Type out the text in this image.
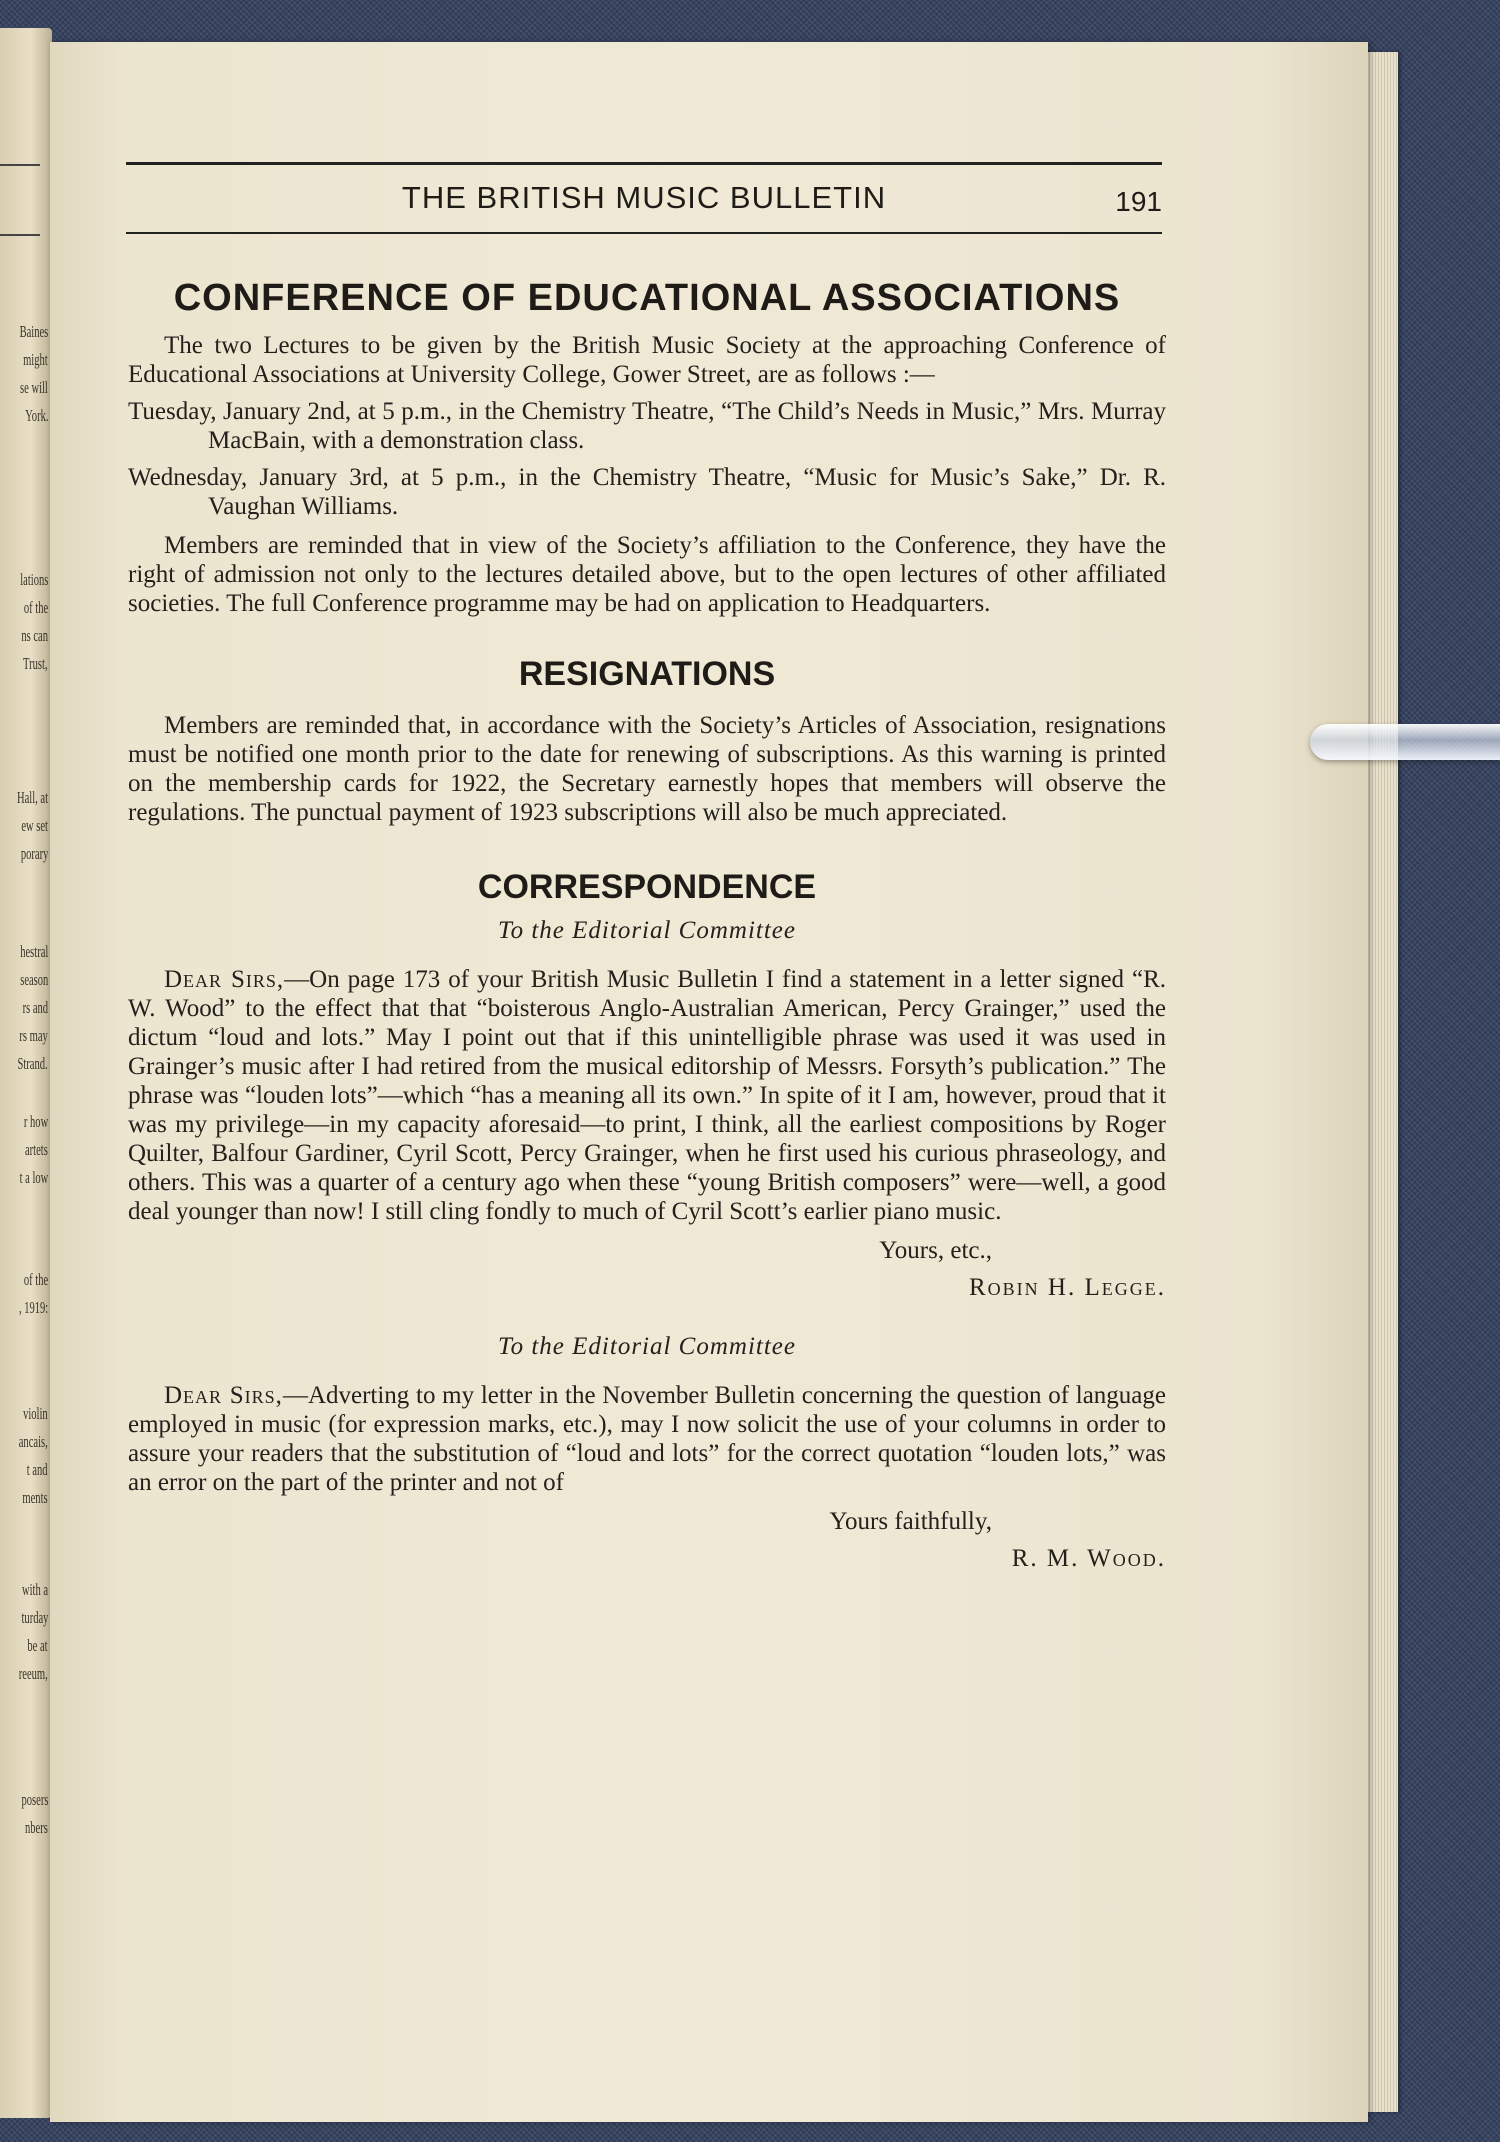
Baines
might
se will
York.
lations
of the
ns can
Trust,
Hall, at
ew set
porary
hestral
season
rs and
rs may
Strand.
r how
artets
t a low
of the
, 1919:
violin
ancais,
t and
ments
with a
turday
be at
reeum,
posers
nbers
THE BRITISH MUSIC BULLETIN	191
CONFERENCE OF EDUCATIONAL ASSOCIATIONS

The two Lectures to be given by the British Music Society at the approaching Conference of Educational Associations at University College, Gower Street, are as follows :—

Tuesday, January 2nd, at 5 p.m., in the Chemistry Theatre, “The Child’s Needs in Music,” Mrs. Murray MacBain, with a demonstration class.

Wednesday, January 3rd, at 5 p.m., in the Chemistry Theatre, “Music for Music’s Sake,” Dr. R. Vaughan Williams.

Members are reminded that in view of the Society’s affiliation to the Conference, they have the right of admission not only to the lectures detailed above, but to the open lectures of other affiliated societies. The full Conference programme may be had on application to Headquarters.

RESIGNATIONS

Members are reminded that, in accordance with the Society’s Articles of Association, resignations must be notified one month prior to the date for renewing of subscriptions. As this warning is printed on the membership cards for 1922, the Secretary earnestly hopes that members will observe the regulations. The punctual payment of 1923 subscriptions will also be much appreciated.

CORRESPONDENCE

To the Editorial Committee

Dear Sirs,—On page 173 of your British Music Bulletin I find a statement in a letter signed “R. W. Wood” to the effect that that “boisterous Anglo-Australian American, Percy Grainger,” used the dictum “loud and lots.” May I point out that if this unintelligible phrase was used it was used in Grainger’s music after I had retired from the musical editorship of Messrs. Forsyth’s publication.” The phrase was “louden lots”—which “has a meaning all its own.” In spite of it I am, however, proud that it was my privilege—in my capacity aforesaid—to print, I think, all the earliest compositions by Roger Quilter, Balfour Gardiner, Cyril Scott, Percy Grainger, when he first used his curious phraseology, and others. This was a quarter of a century ago when these “young British composers” were—well, a good deal younger than now! I still cling fondly to much of Cyril Scott’s earlier piano music.

Yours, etc.,

Robin H. Legge.

To the Editorial Committee

Dear Sirs,—Adverting to my letter in the November Bulletin concerning the question of language employed in music (for expression marks, etc.), may I now solicit the use of your columns in order to assure your readers that the substitution of “loud and lots” for the correct quotation “louden lots,” was an error on the part of the printer and not of

Yours faithfully,

R. M. Wood.
